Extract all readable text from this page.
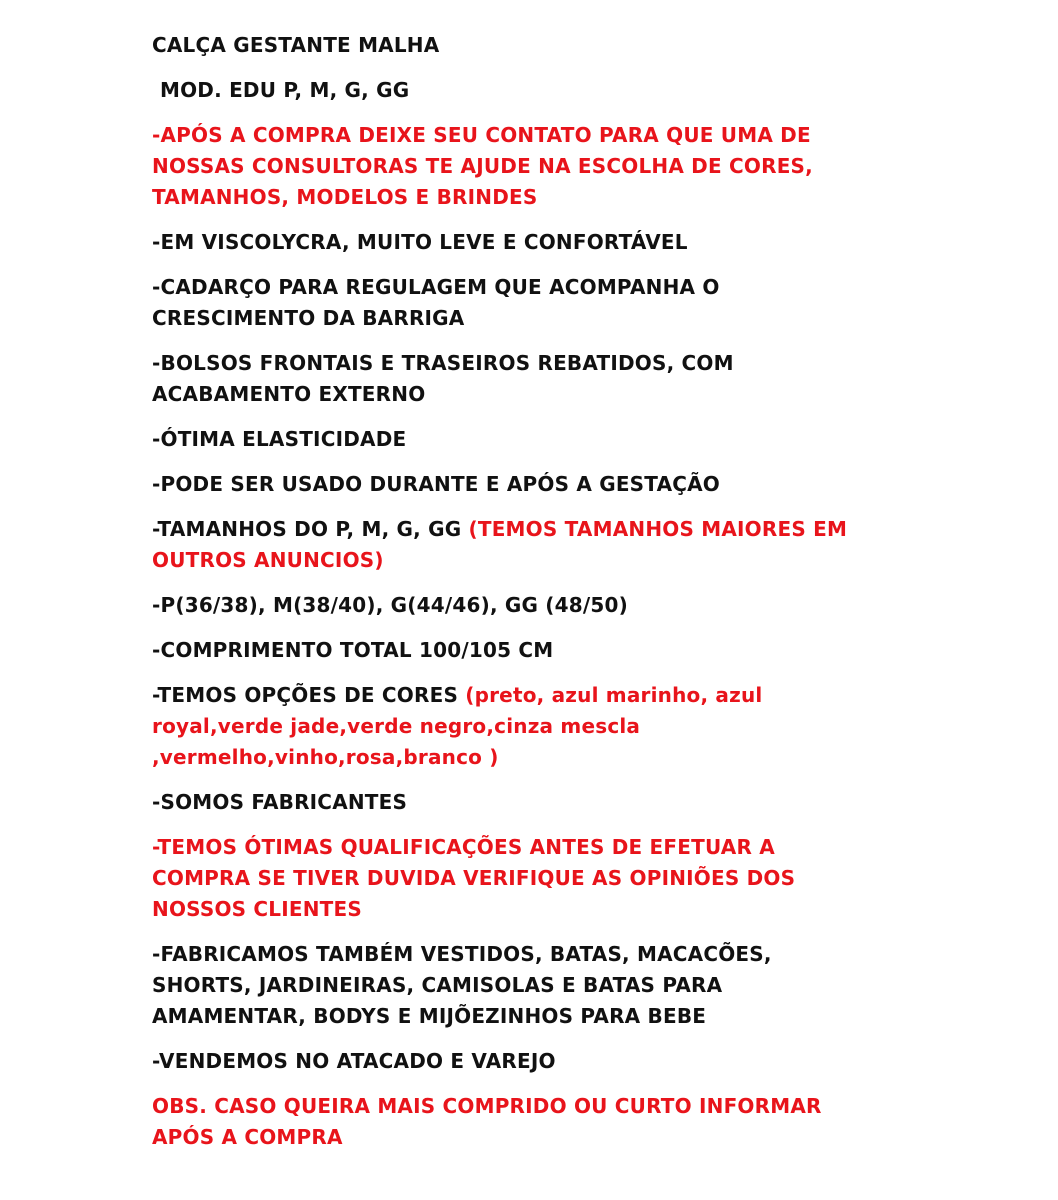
CALÇA GESTANTE MALHA
MOD. EDU P, M, G, GG
-APÓS A COMPRA DEIXE SEU CONTATO PARA QUE UMA DE NOSSAS CONSULTORAS TE AJUDE NA ESCOLHA DE CORES, TAMANHOS, MODELOS E BRINDES
-EM VISCOLYCRA, MUITO LEVE E CONFORTÁVEL
-CADARÇO PARA REGULAGEM QUE ACOMPANHA O CRESCIMENTO DA BARRIGA
-BOLSOS FRONTAIS E TRASEIROS REBATIDOS, COM ACABAMENTO EXTERNO
-ÓTIMA ELASTICIDADE
-PODE SER USADO DURANTE E APÓS A GESTAÇÃO
-TAMANHOS DO P, M, G, GG (TEMOS TAMANHOS MAIORES EM OUTROS ANUNCIOS)
-P(36/38), M(38/40), G(44/46), GG (48/50)
-COMPRIMENTO TOTAL 100/105 CM
-TEMOS OPÇÕES DE CORES (preto, azul marinho, azul royal,verde jade,verde negro,cinza mescla ,vermelho,vinho,rosa,branco )
-SOMOS FABRICANTES
-TEMOS ÓTIMAS QUALIFICAÇÕES ANTES DE EFETUAR A COMPRA SE TIVER DUVIDA VERIFIQUE AS OPINIÕES DOS NOSSOS CLIENTES
-FABRICAMOS TAMBÉM VESTIDOS, BATAS, MACACÕES, SHORTS, JARDINEIRAS, CAMISOLAS E BATAS PARA AMAMENTAR, BODYS E MIJÕEZINHOS PARA BEBE
-VENDEMOS NO ATACADO E VAREJO
OBS. CASO QUEIRA MAIS COMPRIDO OU CURTO INFORMAR APÓS A COMPRA
